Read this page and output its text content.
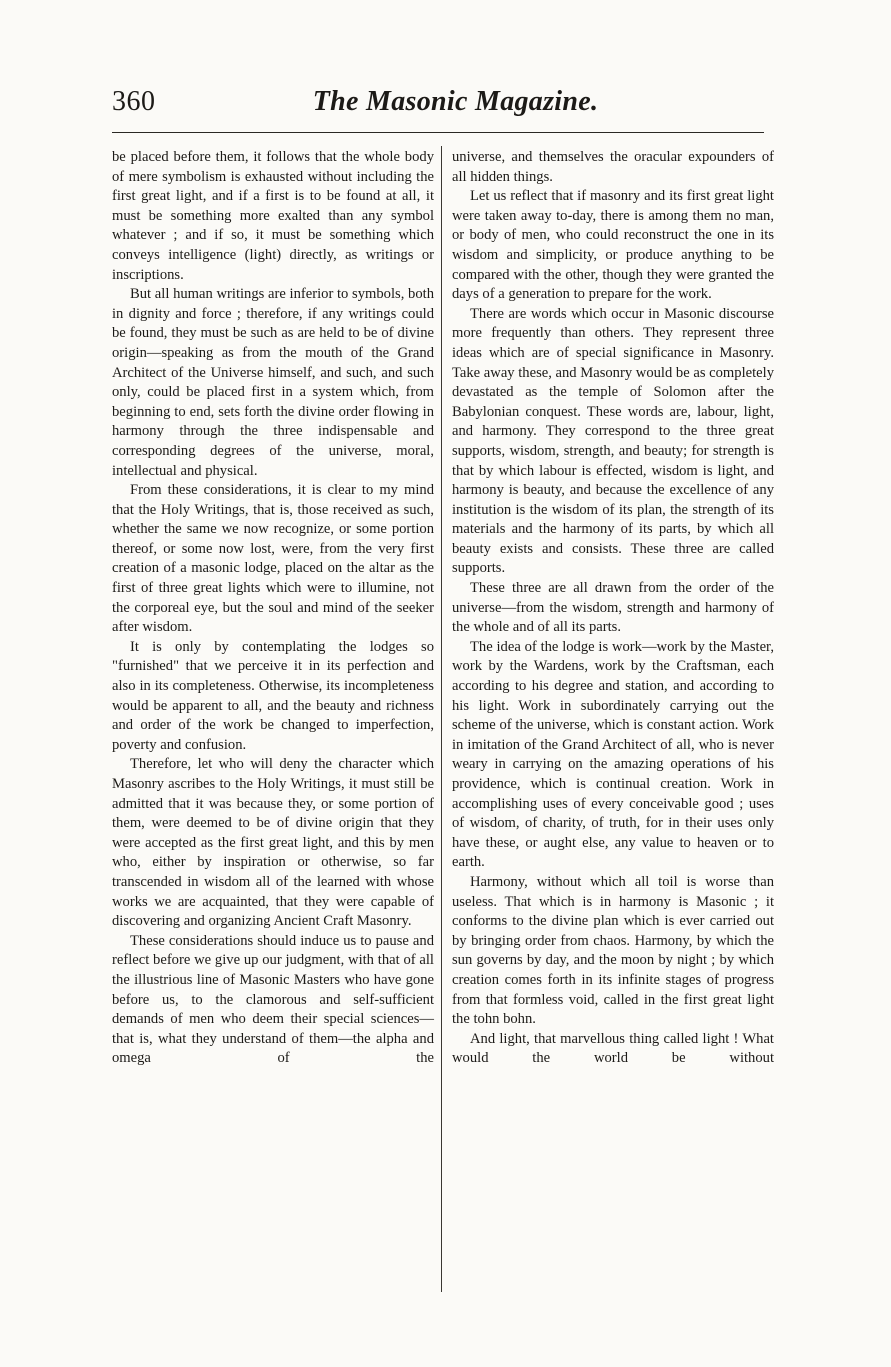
360	The Masonic Magazine.

be placed before them, it follows that the whole body of mere symbolism is exhausted without including the first great light, and if a first is to be found at all, it must be something more exalted than any symbol whatever ; and if so, it must be something which conveys intelligence (light) directly, as writings or inscriptions.

But all human writings are inferior to symbols, both in dignity and force ; therefore, if any writings could be found, they must be such as are held to be of divine origin—speaking as from the mouth of the Grand Architect of the Universe himself, and such, and such only, could be placed first in a system which, from beginning to end, sets forth the divine order flowing in harmony through the three indispensable and corresponding degrees of the universe, moral, intellectual and physical.

From these considerations, it is clear to my mind that the Holy Writings, that is, those received as such, whether the same we now recognize, or some portion thereof, or some now lost, were, from the very first creation of a masonic lodge, placed on the altar as the first of three great lights which were to illumine, not the corporeal eye, but the soul and mind of the seeker after wisdom.

It is only by contemplating the lodges so "furnished" that we perceive it in its perfection and also in its completeness. Otherwise, its incompleteness would be apparent to all, and the beauty and richness and order of the work be changed to imperfection, poverty and confusion.

Therefore, let who will deny the character which Masonry ascribes to the Holy Writings, it must still be admitted that it was because they, or some portion of them, were deemed to be of divine origin that they were accepted as the first great light, and this by men who, either by inspiration or otherwise, so far transcended in wisdom all of the learned with whose works we are acquainted, that they were capable of discovering and organizing Ancient Craft Masonry.

These considerations should induce us to pause and reflect before we give up our judgment, with that of all the illustrious line of Masonic Masters who have gone before us, to the clamorous and self-sufficient demands of men who deem their special sciences—that is, what they understand of them—the alpha and omega of the

universe, and themselves the oracular expounders of all hidden things.

Let us reflect that if masonry and its first great light were taken away to-day, there is among them no man, or body of men, who could reconstruct the one in its wisdom and simplicity, or produce anything to be compared with the other, though they were granted the days of a generation to prepare for the work.

There are words which occur in Masonic discourse more frequently than others. They represent three ideas which are of special significance in Masonry. Take away these, and Masonry would be as completely devastated as the temple of Solomon after the Babylonian conquest. These words are, labour, light, and harmony. They correspond to the three great supports, wisdom, strength, and beauty; for strength is that by which labour is effected, wisdom is light, and harmony is beauty, and because the excellence of any institution is the wisdom of its plan, the strength of its materials and the harmony of its parts, by which all beauty exists and consists. These three are called supports.

These three are all drawn from the order of the universe—from the wisdom, strength and harmony of the whole and of all its parts.

The idea of the lodge is work—work by the Master, work by the Wardens, work by the Craftsman, each according to his degree and station, and according to his light. Work in subordinately carrying out the scheme of the universe, which is constant action. Work in imitation of the Grand Architect of all, who is never weary in carrying on the amazing operations of his providence, which is continual creation. Work in accomplishing uses of every conceivable good ; uses of wisdom, of charity, of truth, for in their uses only have these, or aught else, any value to heaven or to earth.

Harmony, without which all toil is worse than useless. That which is in harmony is Masonic ; it conforms to the divine plan which is ever carried out by bringing order from chaos. Harmony, by which the sun governs by day, and the moon by night ; by which creation comes forth in its infinite stages of progress from that formless void, called in the first great light the tohn bohn.

And light, that marvellous thing called light ! What would the world be without
